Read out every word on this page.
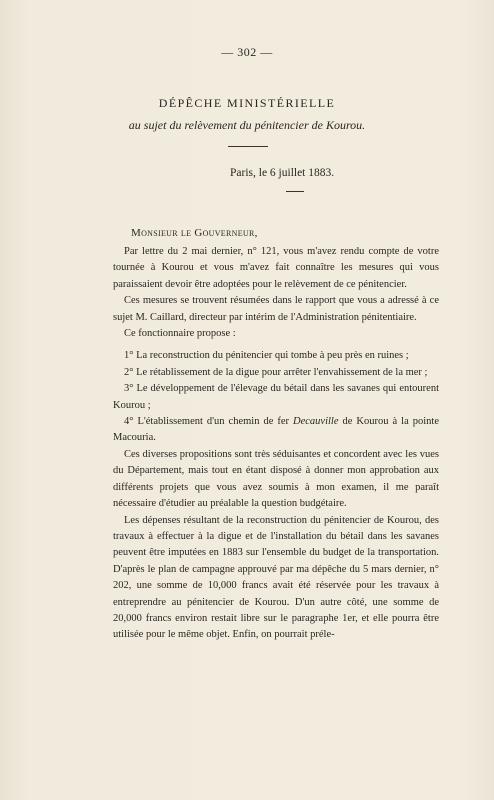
— 302 —
DÉPÊCHE MINISTÉRIELLE
au sujet du relèvement du pénitencier de Kourou.
Paris, le 6 juillet 1883.
Monsieur le Gouverneur,

Par lettre du 2 mai dernier, n° 121, vous m'avez rendu compte de votre tournée à Kourou et vous m'avez fait connaître les mesures qui vous paraissaient devoir être adoptées pour le relèvement de ce pénitencier.

Ces mesures se trouvent résumées dans le rapport que vous a adressé à ce sujet M. Caillard, directeur par intérim de l'Administration pénitentiaire.

Ce fonctionnaire propose :

1° La reconstruction du pénitencier qui tombe à peu près en ruines ;

2° Le rétablissement de la digue pour arrêter l'envahissement de la mer ;

3° Le développement de l'élevage du bétail dans les savanes qui entourent Kourou ;

4° L'établissement d'un chemin de fer Decauville de Kourou à la pointe Macouria.

Ces diverses propositions sont très séduisantes et concordent avec les vues du Département, mais tout en étant disposé à donner mon approbation aux différents projets que vous avez soumis à mon examen, il me paraît nécessaire d'étudier au préalable la question budgétaire.

Les dépenses résultant de la reconstruction du pénitencier de Kourou, des travaux à effectuer à la digue et de l'installation du bétail dans les savanes peuvent être imputées en 1883 sur l'ensemble du budget de la transportation. D'après le plan de campagne approuvé par ma dépêche du 5 mars dernier, n° 202, une somme de 10,000 francs avait été réservée pour les travaux à entreprendre au pénitencier de Kourou. D'un autre côté, une somme de 20,000 francs environ restait libre sur le paragraphe 1er, et elle pourra être utilisée pour le même objet. Enfin, on pourrait préle-
